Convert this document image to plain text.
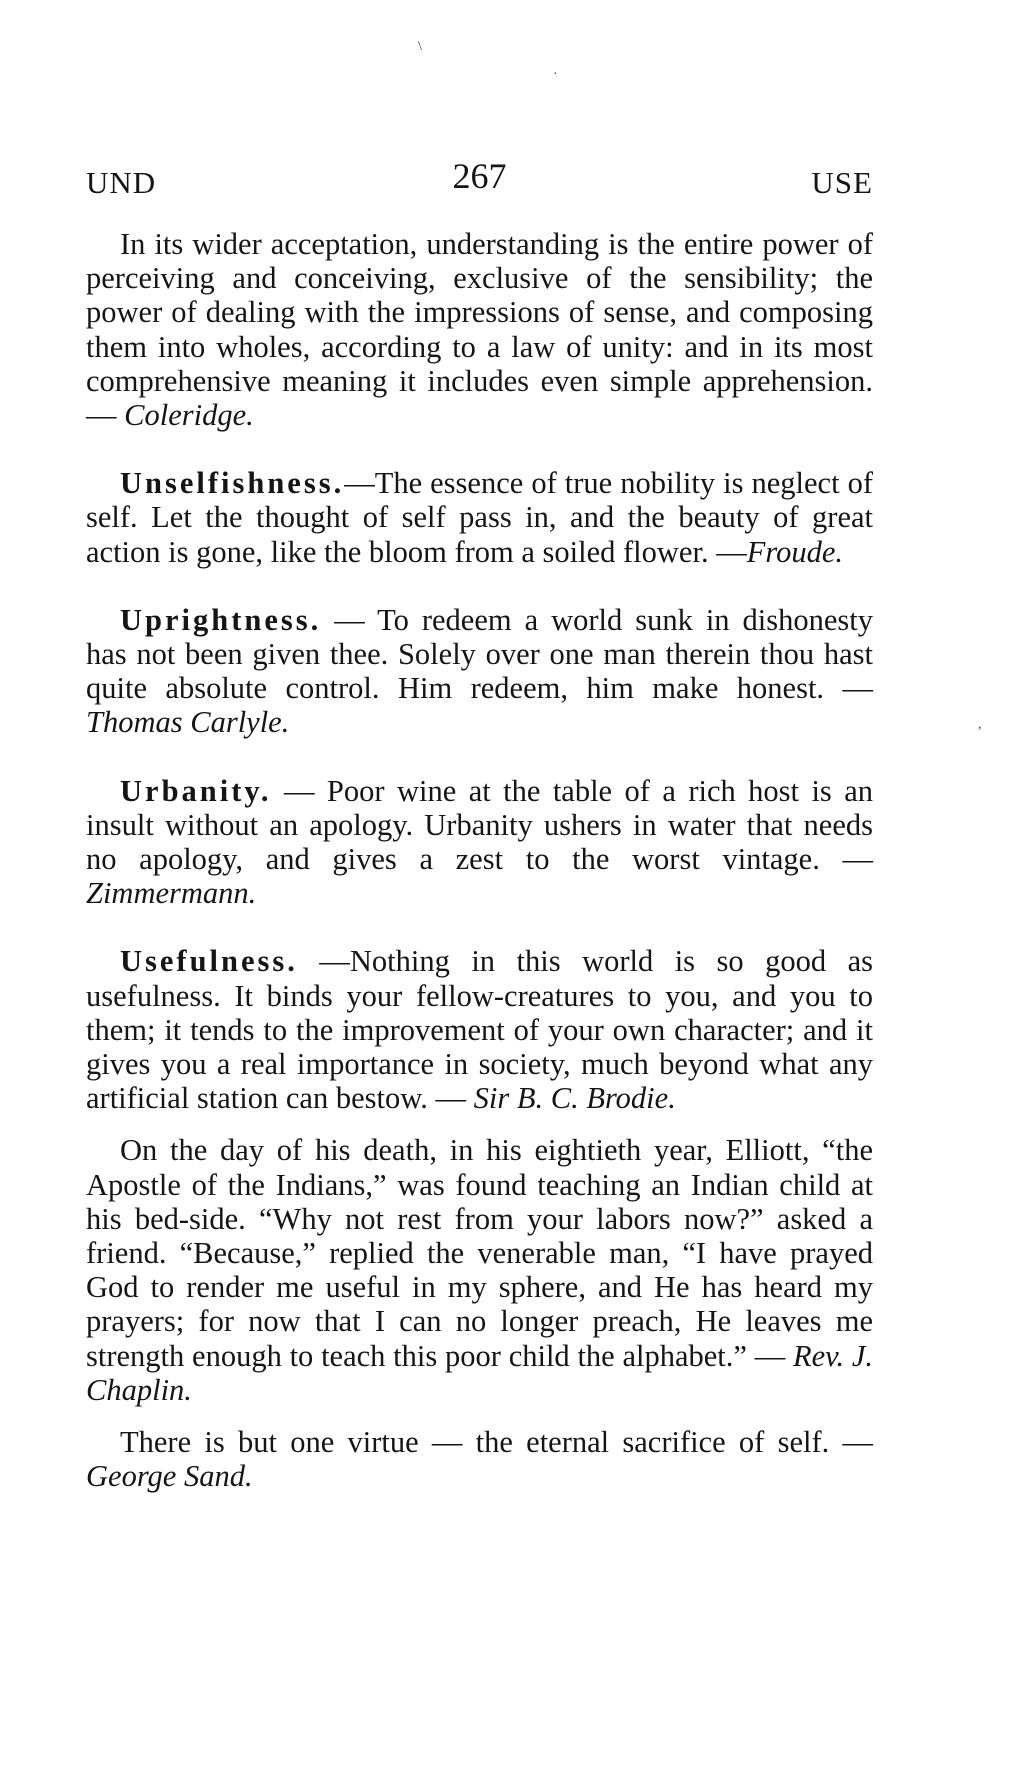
\
·
,
UND	267	USE

In its wider acceptation, understanding is the entire power of perceiving and conceiving, exclusive of the sensibility; the power of dealing with the impressions of sense, and composing them into wholes, according to a law of unity: and in its most comprehensive meaning it includes even simple apprehension. — Coleridge.

Unselfishness.—The essence of true nobility is neglect of self. Let the thought of self pass in, and the beauty of great action is gone, like the bloom from a soiled flower. —Froude.

Uprightness. — To redeem a world sunk in dishonesty has not been given thee. Solely over one man therein thou hast quite absolute control. Him redeem, him make honest. — Thomas Carlyle.

Urbanity. — Poor wine at the table of a rich host is an insult without an apology. Urbanity ushers in water that needs no apology, and gives a zest to the worst vintage. — Zimmermann.

Usefulness. —Nothing in this world is so good as usefulness. It binds your fellow-creatures to you, and you to them; it tends to the improvement of your own character; and it gives you a real importance in society, much beyond what any artificial station can bestow. — Sir B. C. Brodie.

On the day of his death, in his eightieth year, Elliott, “the Apostle of the Indians,” was found teaching an Indian child at his bed-side. “Why not rest from your labors now?” asked a friend. “Because,” replied the venerable man, “I have prayed God to render me useful in my sphere, and He has heard my prayers; for now that I can no longer preach, He leaves me strength enough to teach this poor child the alphabet.” — Rev. J. Chaplin.

There is but one virtue — the eternal sacrifice of self. — George Sand.
